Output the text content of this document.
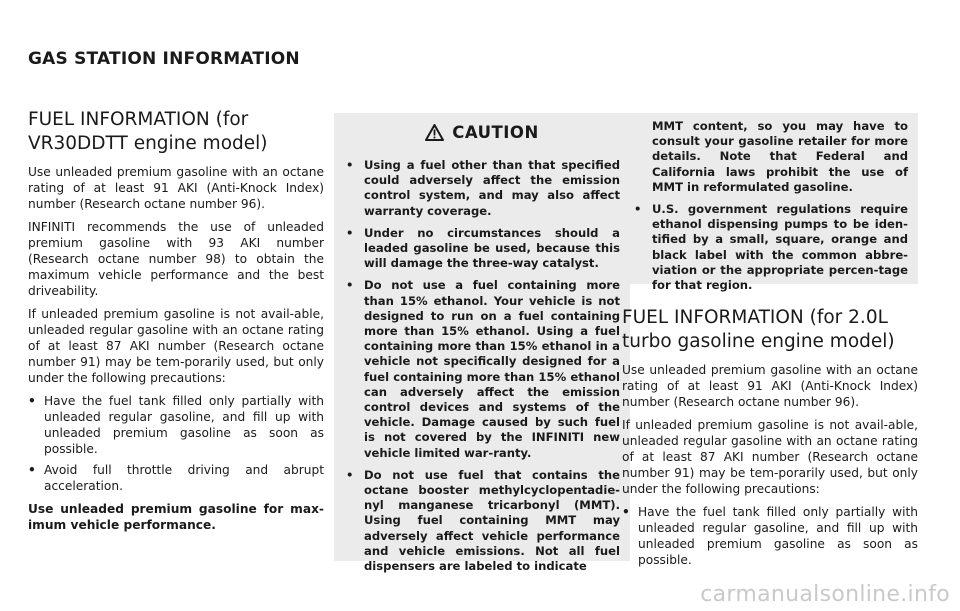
GAS STATION INFORMATION
FUEL INFORMATION (for VR30DDTT engine model)

Use unleaded premium gasoline with an octane rating of at least 91 AKI (Anti-Knock Index) number (Research octane number 96).

INFINITI recommends the use of unleaded premium gasoline with 93 AKI number (Research octane number 98) to obtain the maximum vehicle performance and the best driveability.

If unleaded premium gasoline is not avail-able, unleaded regular gasoline with an octane rating of at least 87 AKI number (Research octane number 91) may be tem-porarily used, but only under the following precautions:

• Have the fuel tank filled only partially with unleaded regular gasoline, and fill up with unleaded premium gasoline as soon as possible.
• Avoid full throttle driving and abrupt acceleration.

Use unleaded premium gasoline for max-imum vehicle performance.

CAUTION
• Using a fuel other than that specified could adversely affect the emission control system, and may also affect warranty coverage.
• Under no circumstances should a leaded gasoline be used, because this will damage the three-way catalyst.
• Do not use a fuel containing more than 15% ethanol. Your vehicle is not designed to run on a fuel containing more than 15% ethanol. Using a fuel containing more than 15% ethanol in a vehicle not specifically designed for a fuel containing more than 15% ethanol can adversely affect the emission control devices and systems of the vehicle. Damage caused by such fuel is not covered by the INFINITI new vehicle limited war-ranty.
• Do not use fuel that contains the octane booster methylcyclopentadie-nyl manganese tricarbonyl (MMT). Using fuel containing MMT may adversely affect vehicle performance and vehicle emissions. Not all fuel dispensers are labeled to indicate

MMT content, so you may have to consult your gasoline retailer for more details. Note that Federal and California laws prohibit the use of MMT in reformulated gasoline.

• U.S. government regulations require ethanol dispensing pumps to be iden-tified by a small, square, orange and black label with the common abbre-viation or the appropriate percen-tage for that region.
FUEL INFORMATION (for 2.0L turbo gasoline engine model)

Use unleaded premium gasoline with an octane rating of at least 91 AKI (Anti-Knock Index) number (Research octane number 96).

If unleaded premium gasoline is not avail-able, unleaded regular gasoline with an octane rating of at least 87 AKI number (Research octane number 91) may be tem-porarily used, but only under the following precautions:

• Have the fuel tank filled only partially with unleaded regular gasoline, and fill up with unleaded premium gasoline as soon as possible.
carmanualsonline.info
